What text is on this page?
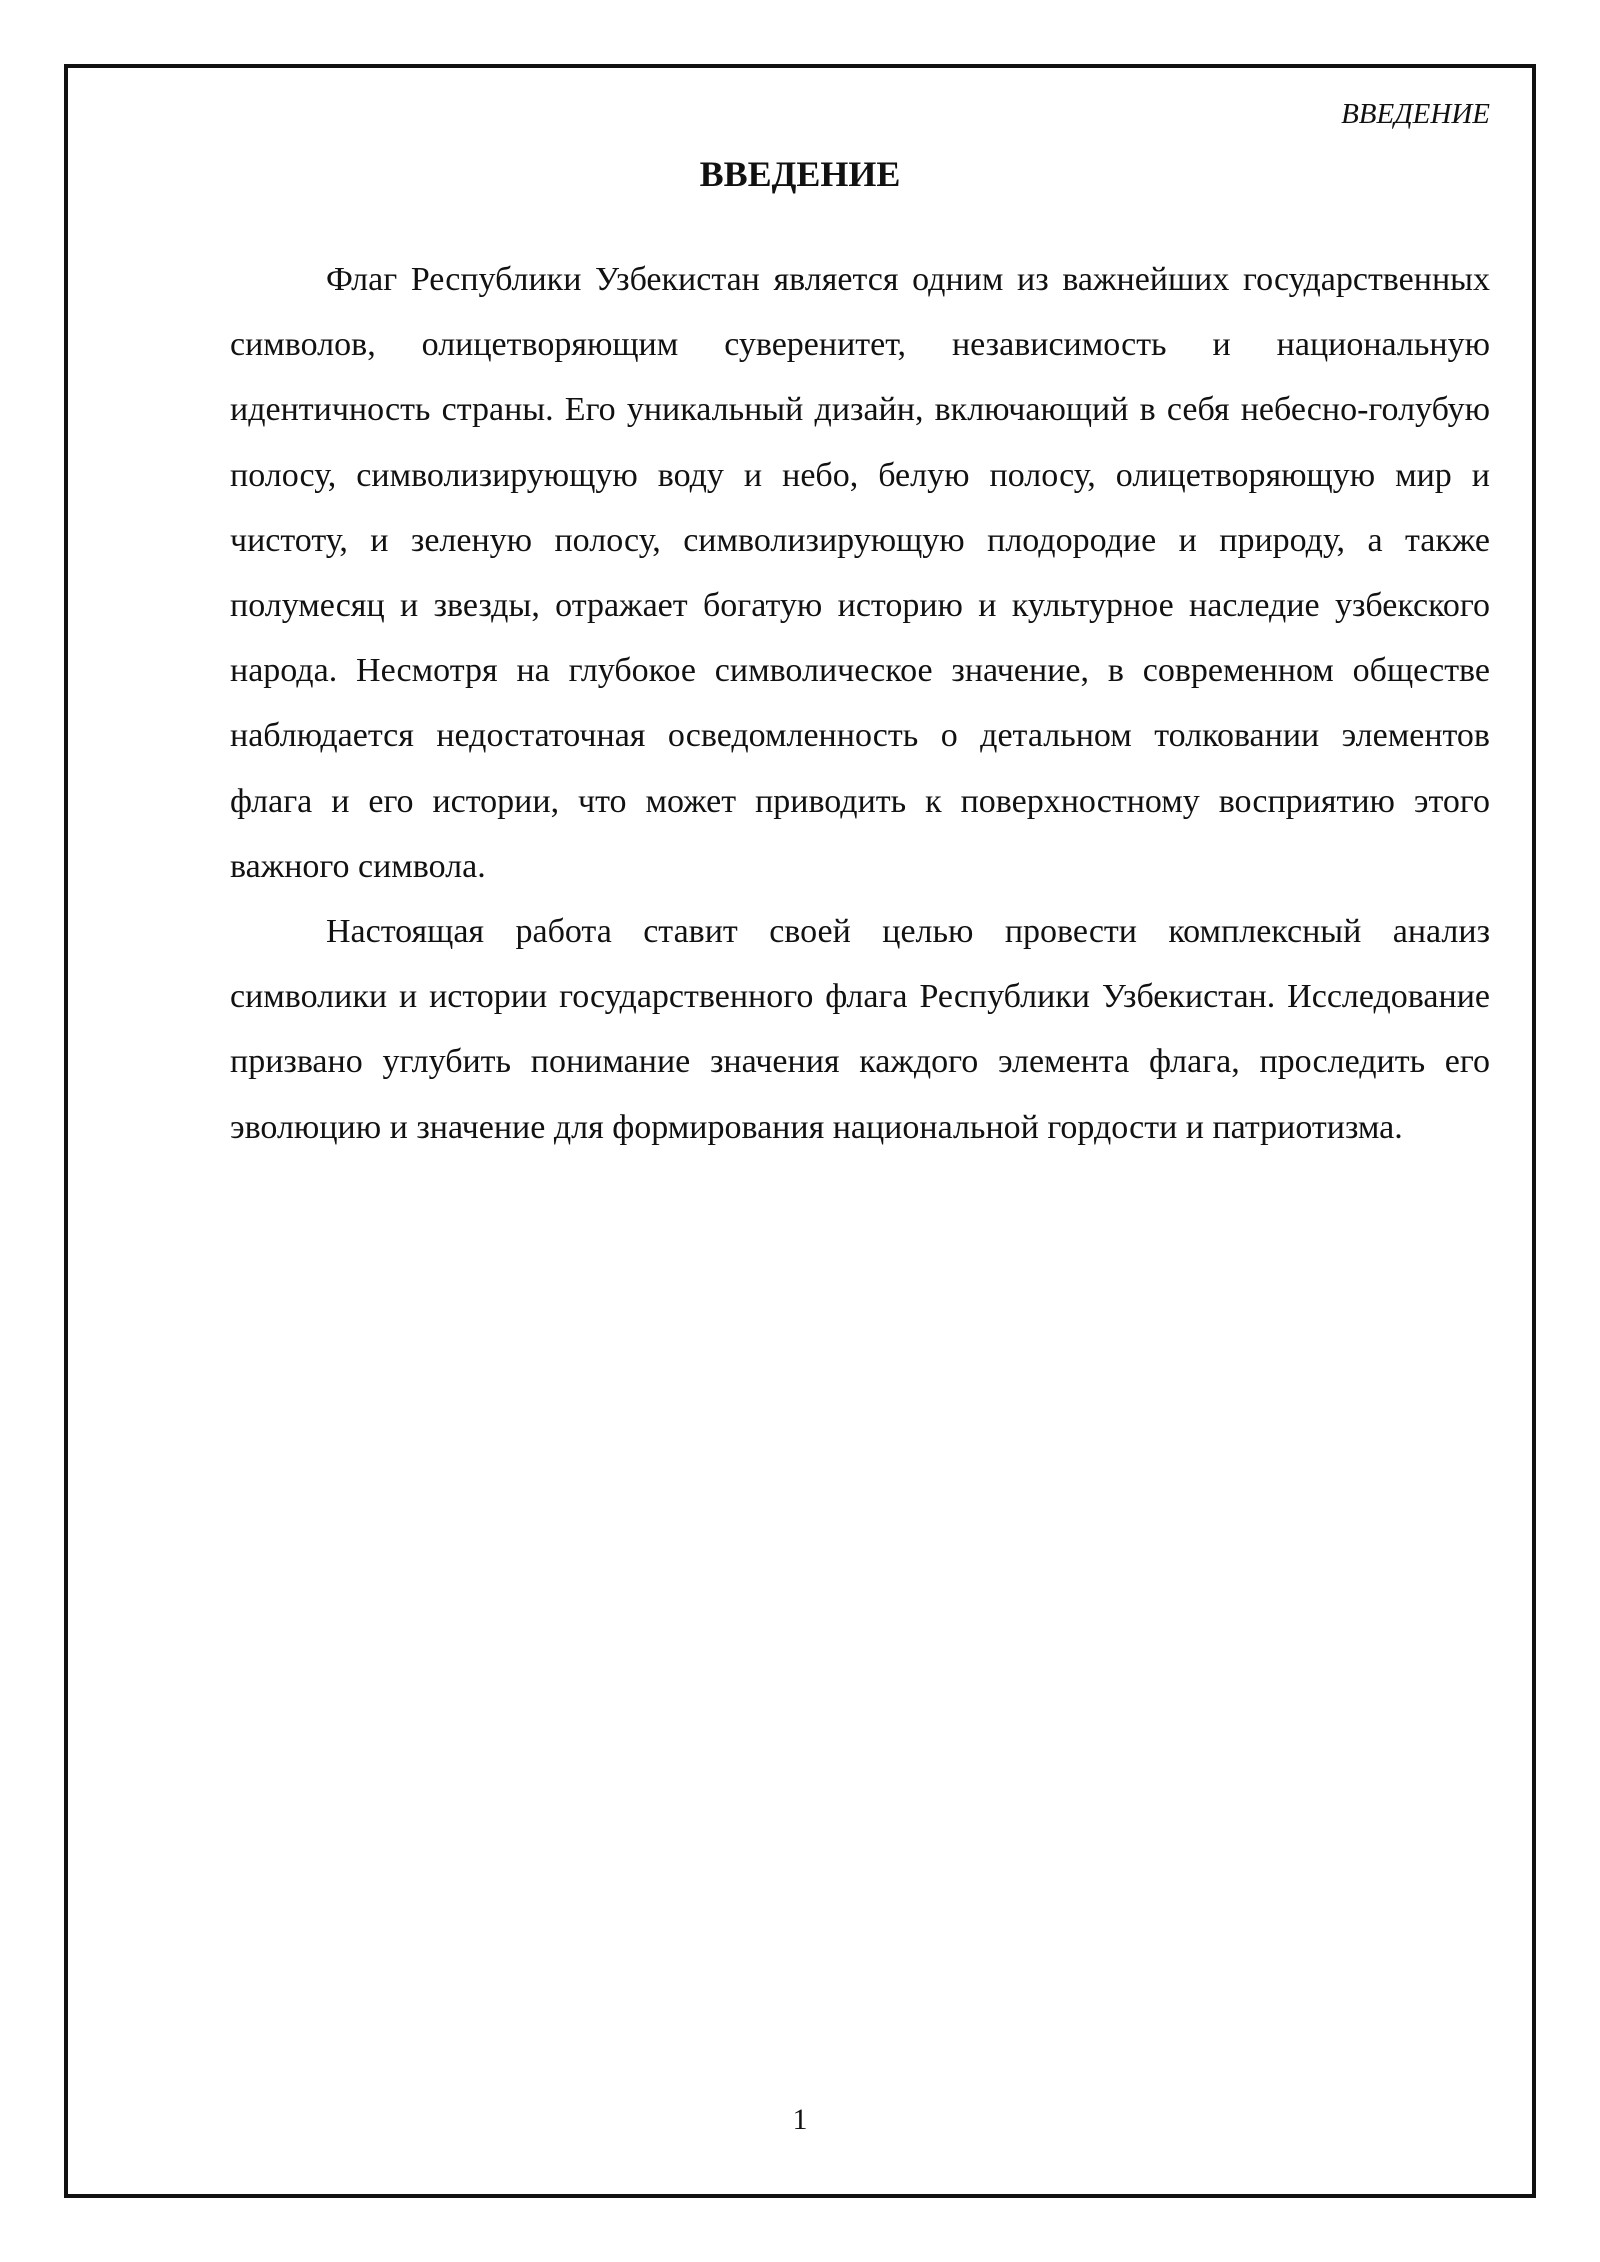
ВВЕДЕНИЕ
ВВЕДЕНИЕ

Флаг Республики Узбекистан является одним из важнейших государственных символов, олицетворяющим суверенитет, независимость и национальную идентичность страны. Его уникальный дизайн, включающий в себя небесно-голубую полосу, символизирующую воду и небо, белую полосу, олицетворяющую мир и чистоту, и зеленую полосу, символизирующую плодородие и природу, а также полумесяц и звезды, отражает богатую историю и культурное наследие узбекского народа. Несмотря на глубокое символическое значение, в современном обществе наблюдается недостаточная осведомленность о детальном толковании элементов флага и его истории, что может приводить к поверхностному восприятию этого важного символа.

Настоящая работа ставит своей целью провести комплексный анализ символики и истории государственного флага Республики Узбекистан. Исследование призвано углубить понимание значения каждого элемента флага, проследить его эволюцию и значение для формирования национальной гордости и патриотизма.

1
